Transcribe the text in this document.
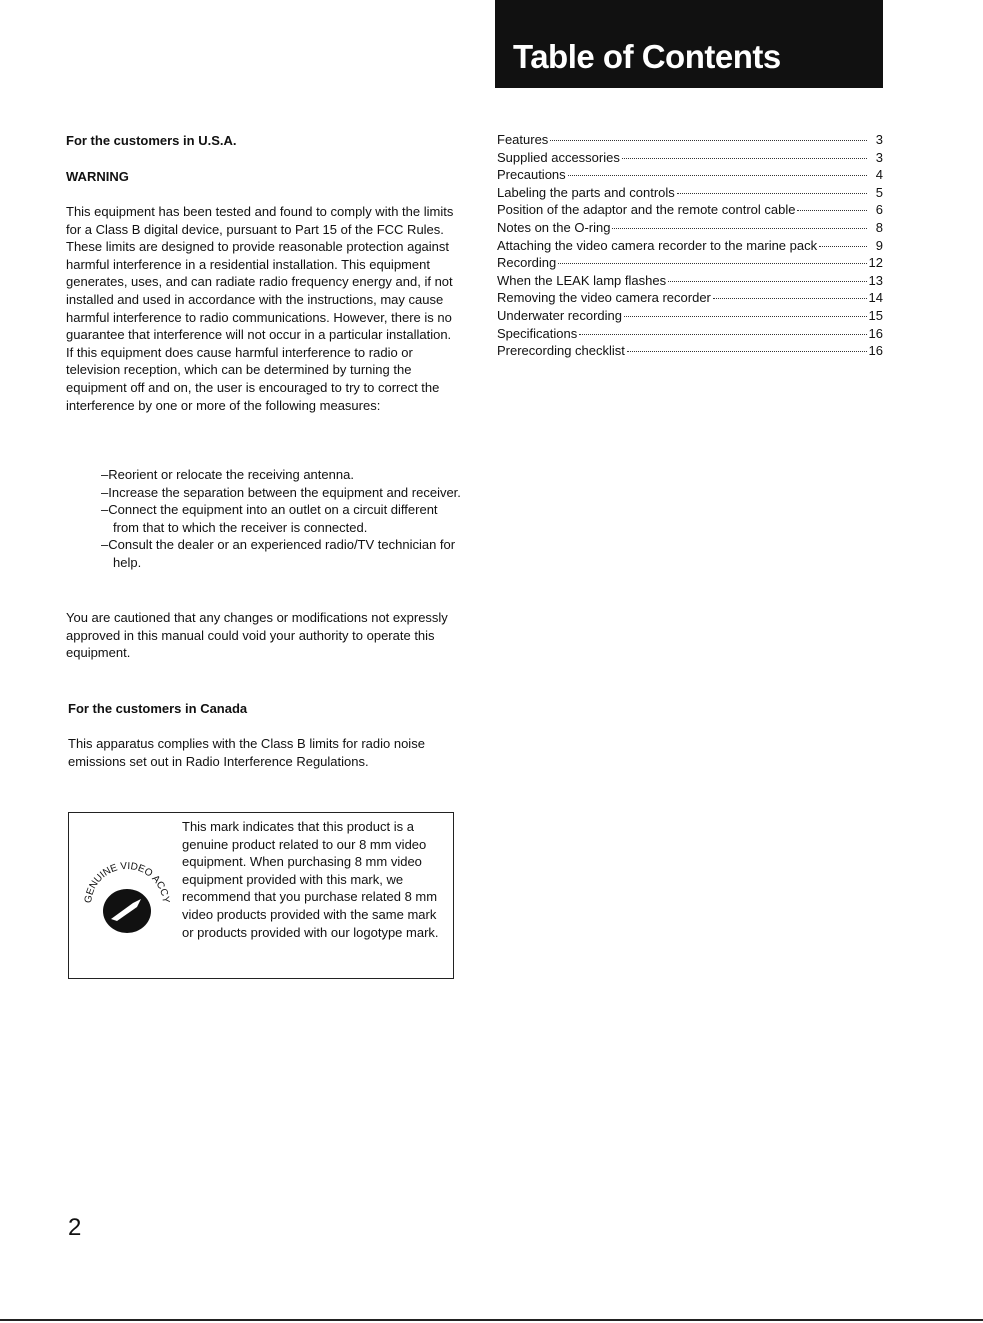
Table of Contents
For the customers in U.S.A.
WARNING

This equipment has been tested and found to comply with the limits for a Class B digital device, pursuant to Part 15 of the FCC Rules. These limits are designed to provide reasonable protection against harmful interference in a residential installation. This equipment generates, uses, and can radiate radio frequency energy and, if not installed and used in accordance with the instructions, may cause harmful interference to radio communications. However, there is no guarantee that interference will not occur in a particular installation. If this equipment does cause harmful interference to radio or television reception, which can be determined by turning the equipment off and on, the user is encouraged to try to correct the interference by one or more of the following measures:

–Reorient or relocate the receiving antenna.
–Increase the separation between the equipment and receiver.
–Connect the equipment into an outlet on a circuit different from that to which the receiver is connected.
–Consult the dealer or an experienced radio/TV technician for help.

You are cautioned that any changes or modifications not expressly approved in this manual could void your authority to operate this equipment.

For the customers in Canada

This apparatus complies with the Class B limits for radio noise emissions set out in Radio Interference Regulations.

GENUINE VIDEO ACCY
This mark indicates that this product is a genuine product related to our 8 mm video equipment. When purchasing 8 mm video equipment provided with this mark, we recommend that you purchase related 8 mm video products provided with the same mark or products provided with our logotype mark.
Features	3
Supplied accessories	3
Precautions	4
Labeling the parts and controls	5
Position of the adaptor and the remote control cable	6
Notes on the O-ring	8
Attaching the video camera recorder to the marine pack	9
Recording	12
When the LEAK lamp flashes	13
Removing the video camera recorder	14
Underwater recording	15
Specifications	16
Prerecording checklist	16
2
